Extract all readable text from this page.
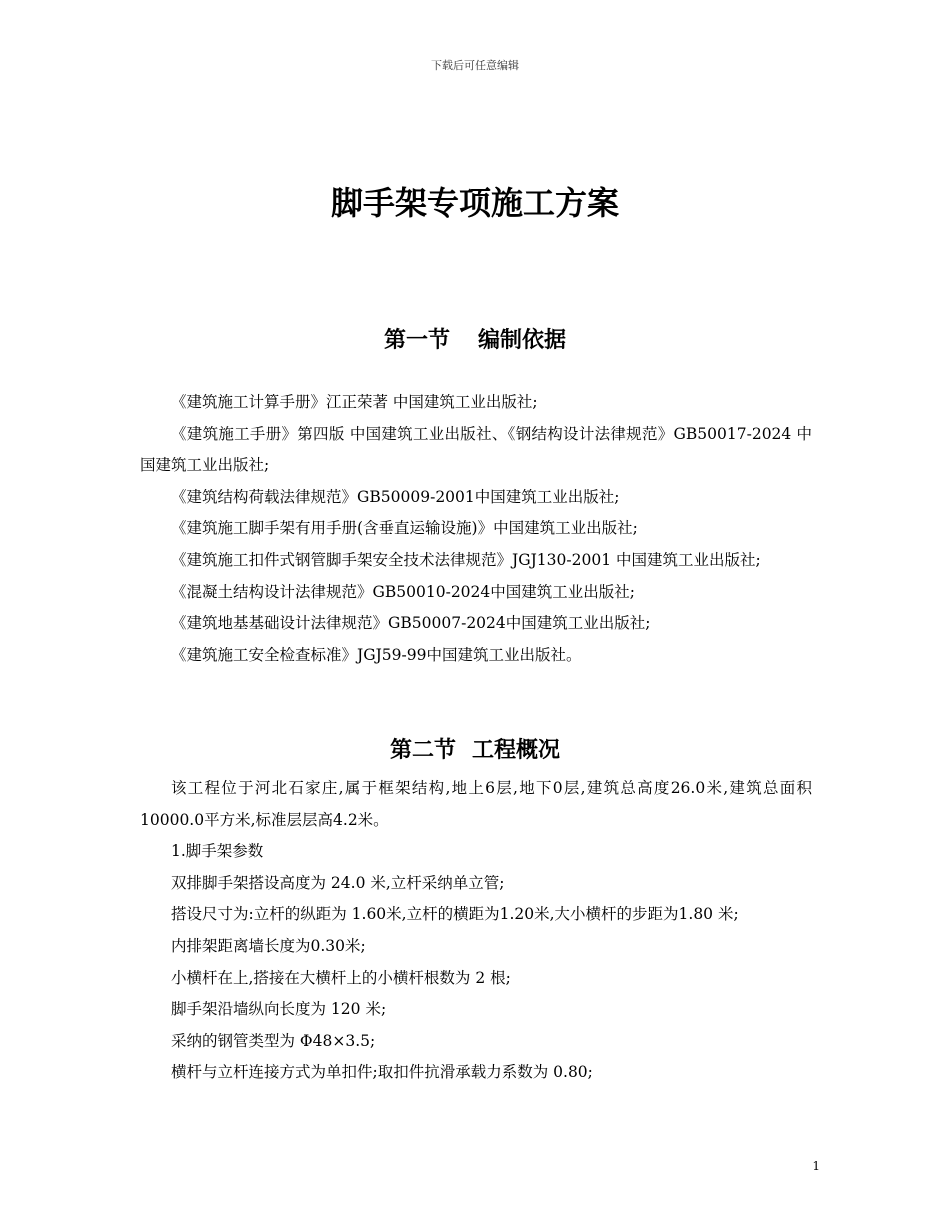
下载后可任意编辑
脚手架专项施工方案
第一节 编制依据

《建筑施工计算手册》江正荣著 中国建筑工业出版社;

《建筑施工手册》第四版 中国建筑工业出版社、《钢结构设计法律规范》GB50017-2024 中国建筑工业出版社;

《建筑结构荷载法律规范》GB50009-2001中国建筑工业出版社;

《建筑施工脚手架有用手册(含垂直运输设施)》中国建筑工业出版社;

《建筑施工扣件式钢管脚手架安全技术法律规范》JGJ130-2001 中国建筑工业出版社;

《混凝土结构设计法律规范》GB50010-2024中国建筑工业出版社;

《建筑地基基础设计法律规范》GB50007-2024中国建筑工业出版社;

《建筑施工安全检查标准》JGJ59-99中国建筑工业出版社。

第二节 工程概况

该工程位于河北石家庄,属于框架结构,地上6层,地下0层,建筑总高度26.0米,建筑总面积10000.0平方米,标准层层高4.2米。

1.脚手架参数

双排脚手架搭设高度为 24.0 米,立杆采纳单立管;

搭设尺寸为:立杆的纵距为 1.60米,立杆的横距为1.20米,大小横杆的步距为1.80 米;

内排架距离墙长度为0.30米;

小横杆在上,搭接在大横杆上的小横杆根数为 2 根;

脚手架沿墙纵向长度为 120 米;

采纳的钢管类型为 Φ48×3.5;

横杆与立杆连接方式为单扣件;取扣件抗滑承载力系数为 0.80;

1
